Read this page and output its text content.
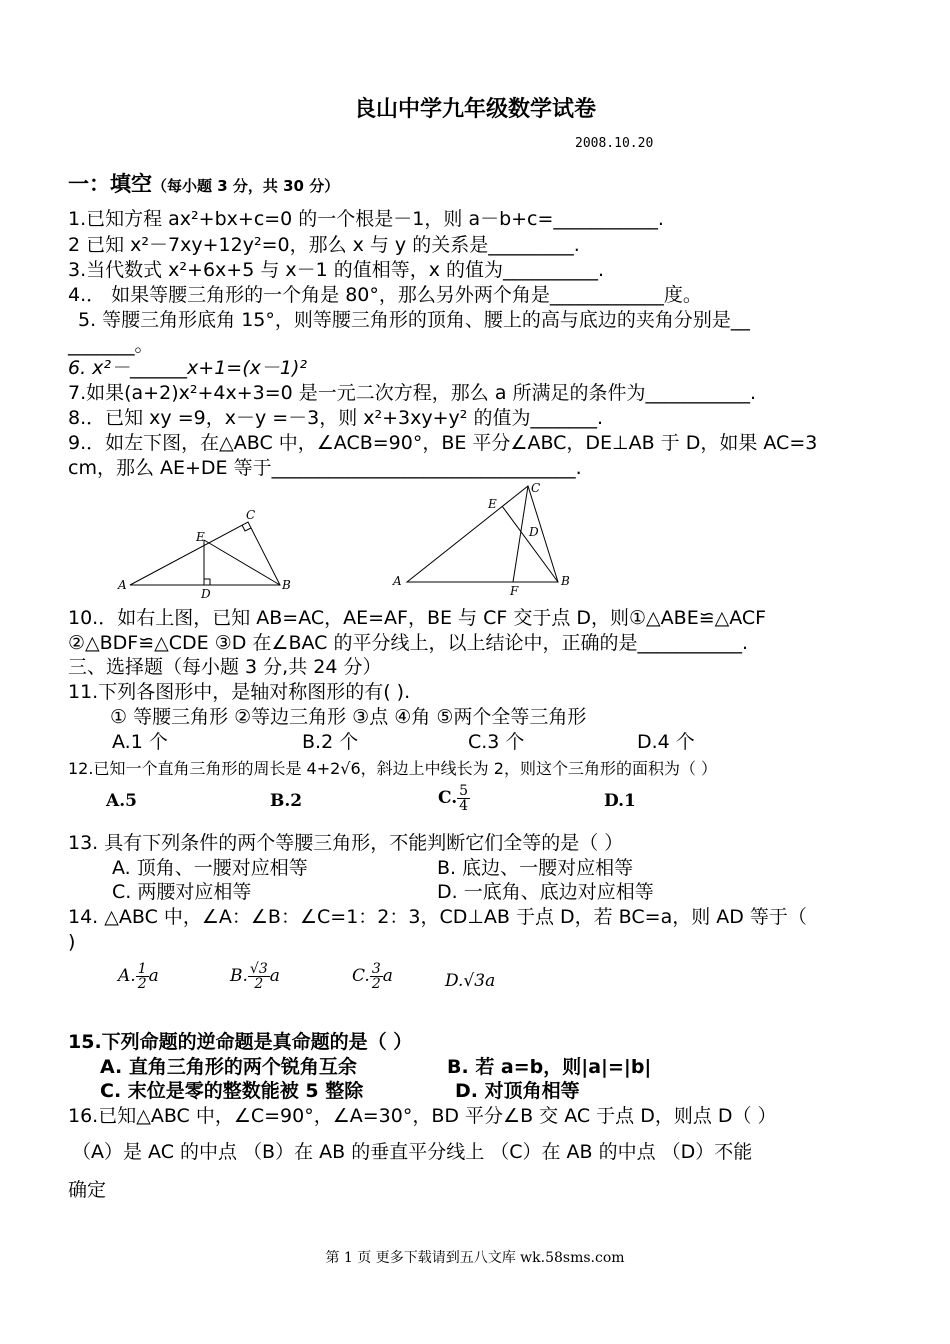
良山中学九年级数学试卷
2008.10.20
一：填空（每小题 3 分，共 30 分）
1.已知方程 ax²+bx+c=0 的一个根是－1，则 a－b+c=___________.
2 已知 x²－7xy+12y²=0，那么 x 与 y 的关系是_________.
3.当代数式 x²+6x+5 与 x－1 的值相等，x 的值为__________.
4.． 如果等腰三角形的一个角是 80°，那么另外两个角是____________度。
5. 等腰三角形底角 15°，则等腰三角形的顶角、腰上的高与底边的夹角分别是__
_______。
6. x²－______x+1=(x－1)²
7.如果(a+2)x²+4x+3=0 是一元二次方程，那么 a 所满足的条件为___________.
8.．已知 xy =9，x－y =－3，则 x²+3xy+y² 的值为_______.
9.．如左下图，在△ABC 中，∠ACB=90°，BE 平分∠ABC，DE⊥AB 于 D，如果 AC=3
cm，那么 AE+DE 等于________________________________.
A	B
C
D
E
A	B
C
D
E
F
10.．如右上图，已知 AB=AC，AE=AF，BE 与 CF 交于点 D，则①△ABE≌△ACF
②△BDF≌△CDE ③D 在∠BAC 的平分线上，以上结论中，正确的是___________.
三、选择题（每小题 3 分,共 24 分）
11.下列各图形中，是轴对称图形的有( ).
① 等腰三角形 ②等边三角形 ③点 ④角 ⑤两个全等三角形
A.1 个	B.2 个	C.3 个	D.4 个
12.已知一个直角三角形的周长是 4+2√6，斜边上中线长为 2，则这个三角形的面积为（ ）
A.5	B.2	C. $\frac{5}{4}$	D.1
13. 具有下列条件的两个等腰三角形，不能判断它们全等的是（ ）
A. 顶角、一腰对应相等	B. 底边、一腰对应相等
C. 两腰对应相等	D. 一底角、底边对应相等
14. △ABC 中，∠A：∠B：∠C=1：2：3，CD⊥AB 于点 D，若 BC=a，则 AD 等于（
)
A. $\frac{1}{2}$ a	B. $\frac{√3}{2}$ a	C. $\frac{3}{2}$ a	D.√3a
15.下列命题的逆命题是真命题的是（ ）
A. 直角三角形的两个锐角互余	B. 若 a=b，则|a|=|b|
C. 末位是零的整数能被 5 整除	D. 对顶角相等
16.已知△ABC 中，∠C=90°，∠A=30°，BD 平分∠B 交 AC 于点 D，则点 D（ ）
（A）是 AC 的中点 （B）在 AB 的垂直平分线上 （C）在 AB 的中点 （D）不能
确定
第 1 页 更多下载请到五八文库 wk.58sms.com
